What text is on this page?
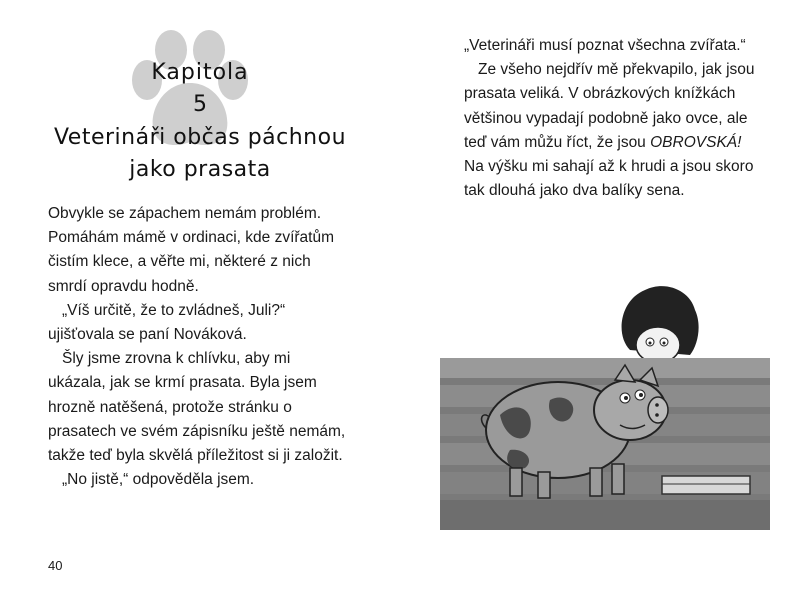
Kapitola
5
Veterináři občas páchnou
jako prasata

Obvykle se zápachem nemám problém. Pomáhám mámě v ordinaci, kde zvířatům čistím klece, a věřte mi, některé z nich smrdí opravdu hodně.

„Víš určitě, že to zvládneš, Juli?“ ujišťovala se paní Nováková.

Šly jsme zrovna k chlívku, aby mi ukázala, jak se krmí prasata. Byla jsem hrozně natěšená, protože stránku o prasatech ve svém zápisníku ještě nemám, takže teď byla skvělá příležitost si ji založit.

„No jistě,“ odpověděla jsem.

40

„Veterináři musí poznat všechna zvířata.“

Ze všeho nejdřív mě překvapilo, jak jsou prasata veliká. V obrázkových knížkách většinou vypadají podobně jako ovce, ale teď vám můžu říct, že jsou OBROVSKÁ! Na výšku mi sahají až k hrudi a jsou skoro tak dlouhá jako dva balíky sena.
